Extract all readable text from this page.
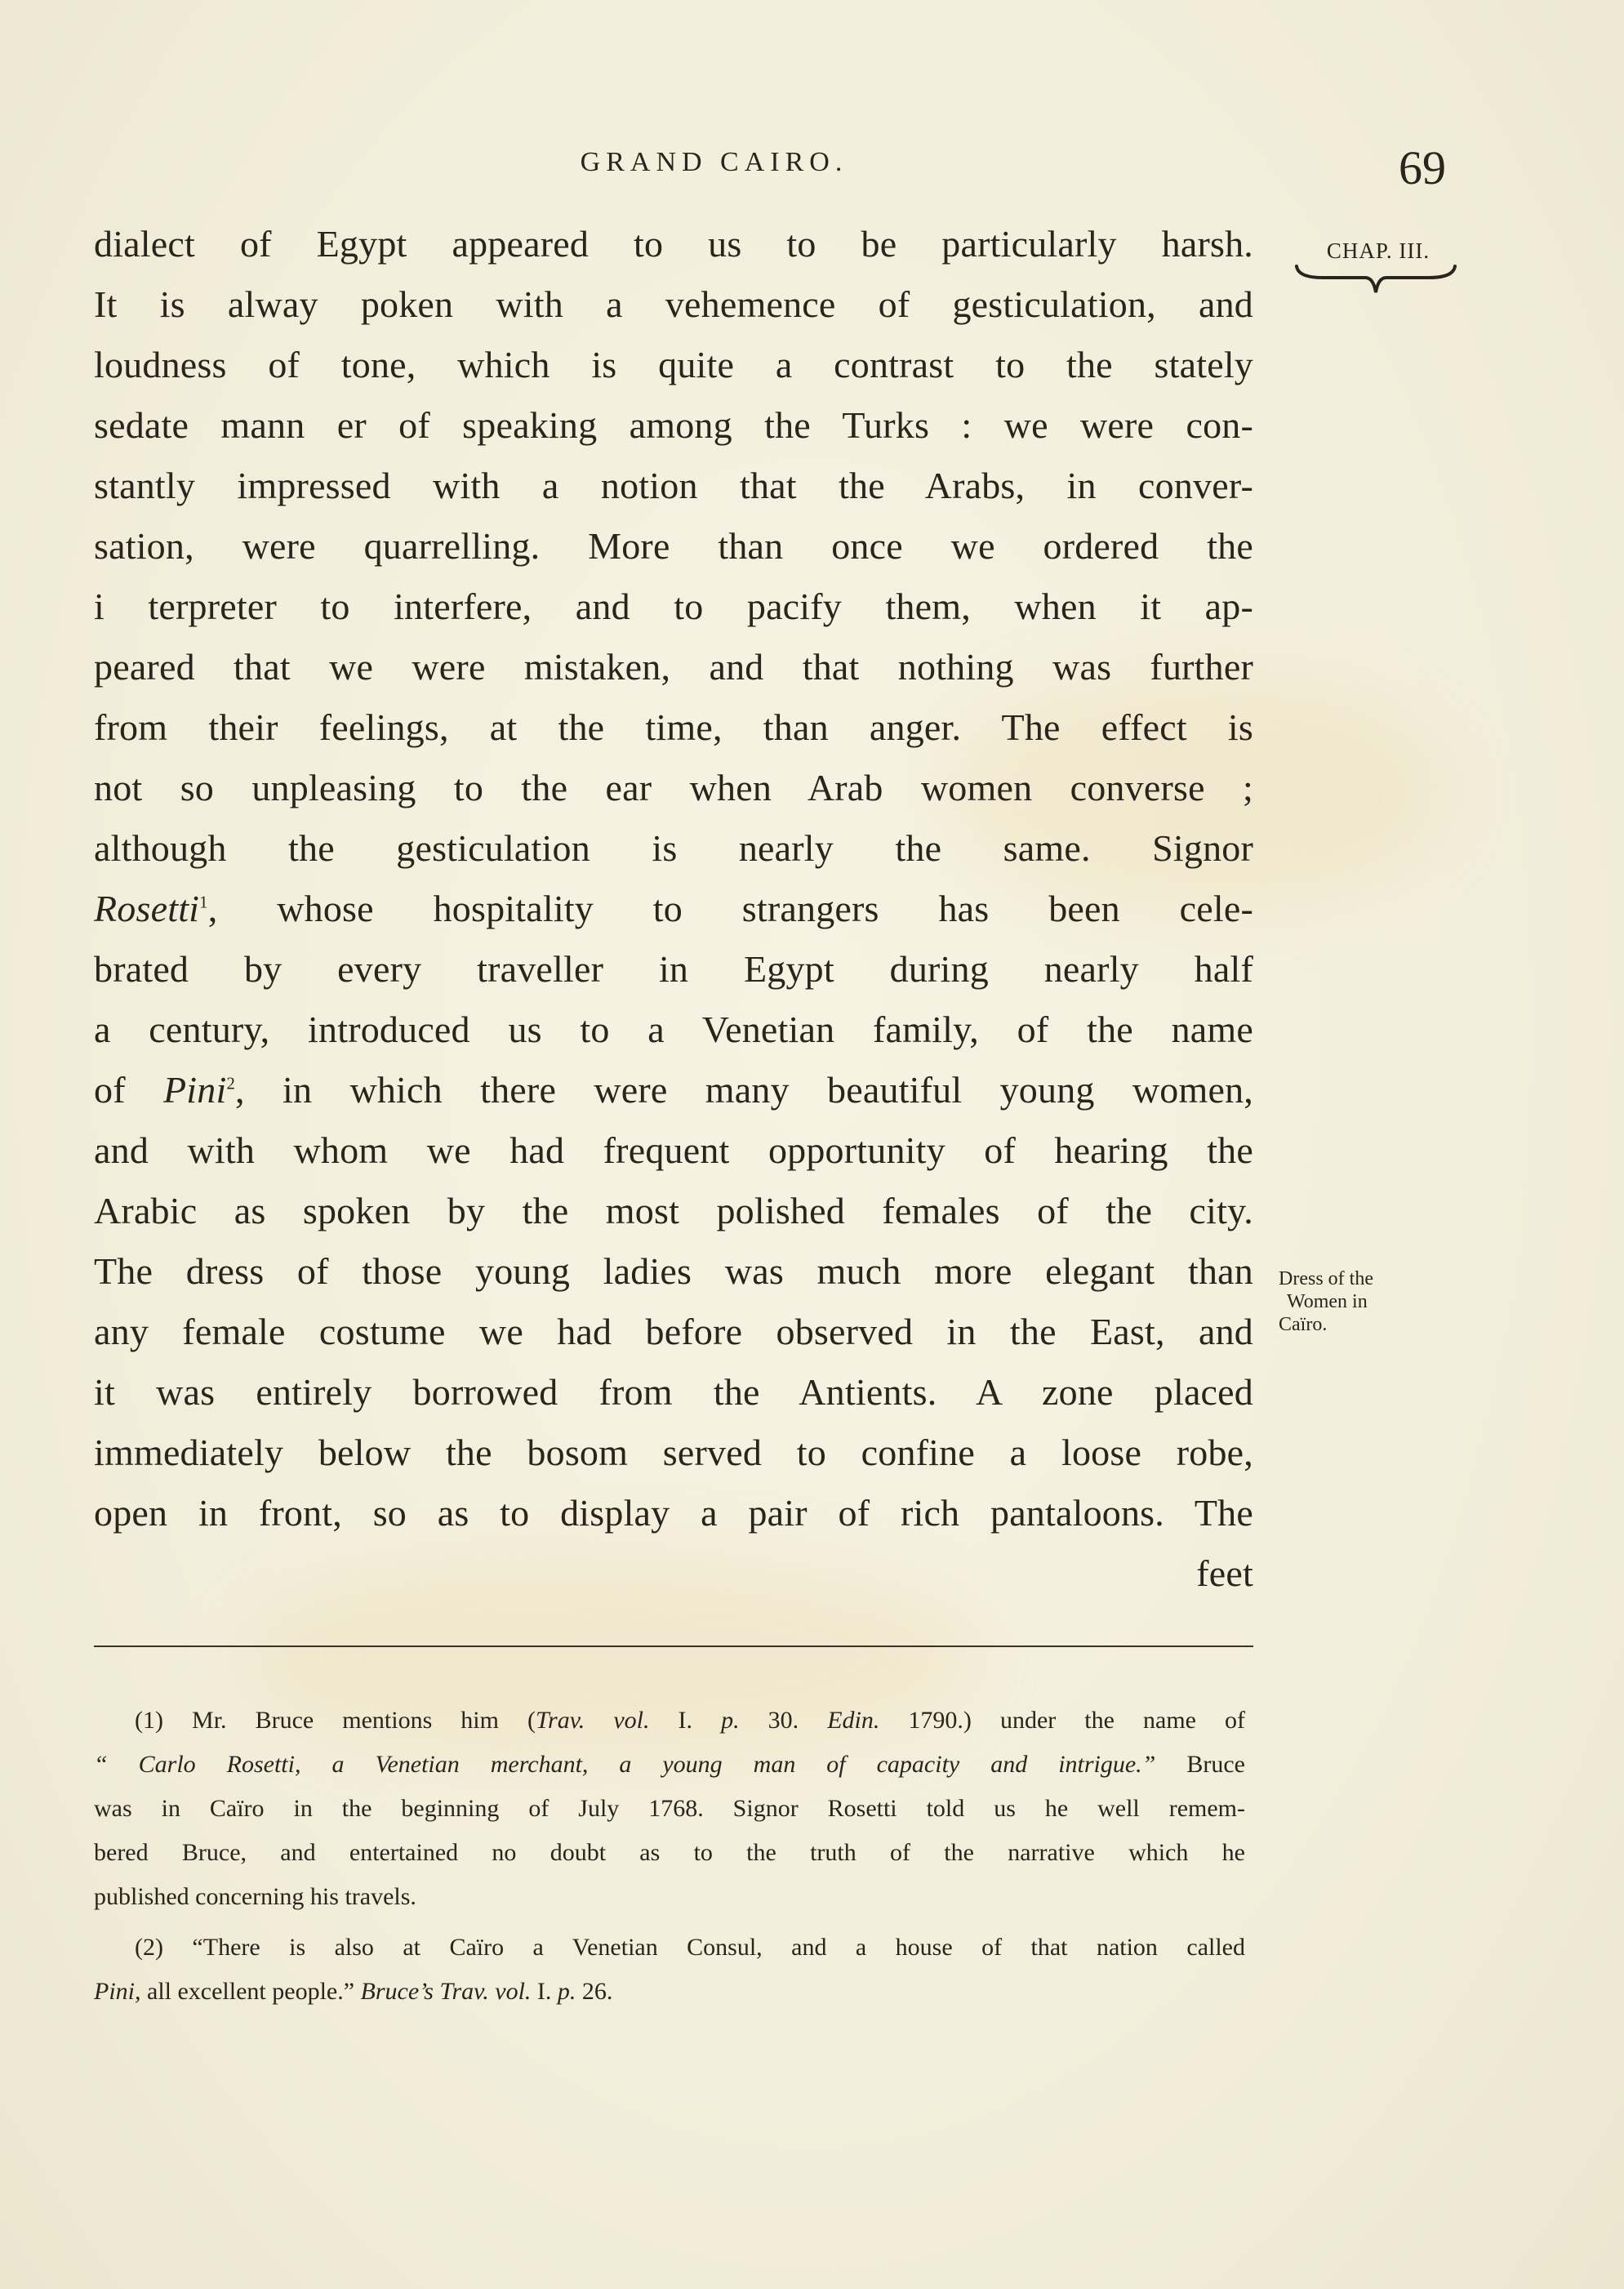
GRAND CAIRO.	69
CHAP. III.
Dress of the
Women in
Caïro.
dialect of Egypt appeared to us to be particularly harsh.
It is alway poken with a vehemence of gesticulation, and
loudness of tone, which is quite a contrast to the stately
sedate mann er of speaking among the Turks : we were con-
stantly impressed with a notion that the Arabs, in conver-
sation, were quarrelling. More than once we ordered the
i terpreter to interfere, and to pacify them, when it ap-
peared that we were mistaken, and that nothing was further
from their feelings, at the time, than anger. The effect is
not so unpleasing to the ear when Arab women converse ;
although the gesticulation is nearly the same. Signor
Rosetti$^1$, whose hospitality to strangers has been cele-
brated by every traveller in Egypt during nearly half
a century, introduced us to a Venetian family, of the name
of Pini$^2$, in which there were many beautiful young women,
and with whom we had frequent opportunity of hearing the
Arabic as spoken by the most polished females of the city.
The dress of those young ladies was much more elegant than
any female costume we had before observed in the East, and
it was entirely borrowed from the Antients. A zone placed
immediately below the bosom served to confine a loose robe,
open in front, so as to display a pair of rich pantaloons. The
feet
(1) Mr. Bruce mentions him (Trav. vol. I. p. 30. Edin. 1790.) under the name of
“ Carlo Rosetti, a Venetian merchant, a young man of capacity and intrigue.” Bruce
was in Caïro in the beginning of July 1768. Signor Rosetti told us he well remem-
bered Bruce, and entertained no doubt as to the truth of the narrative which he
published concerning his travels.
(2) “There is also at Caïro a Venetian Consul, and a house of that nation called
Pini, all excellent people.” Bruce’s Trav. vol. I. p. 26.
